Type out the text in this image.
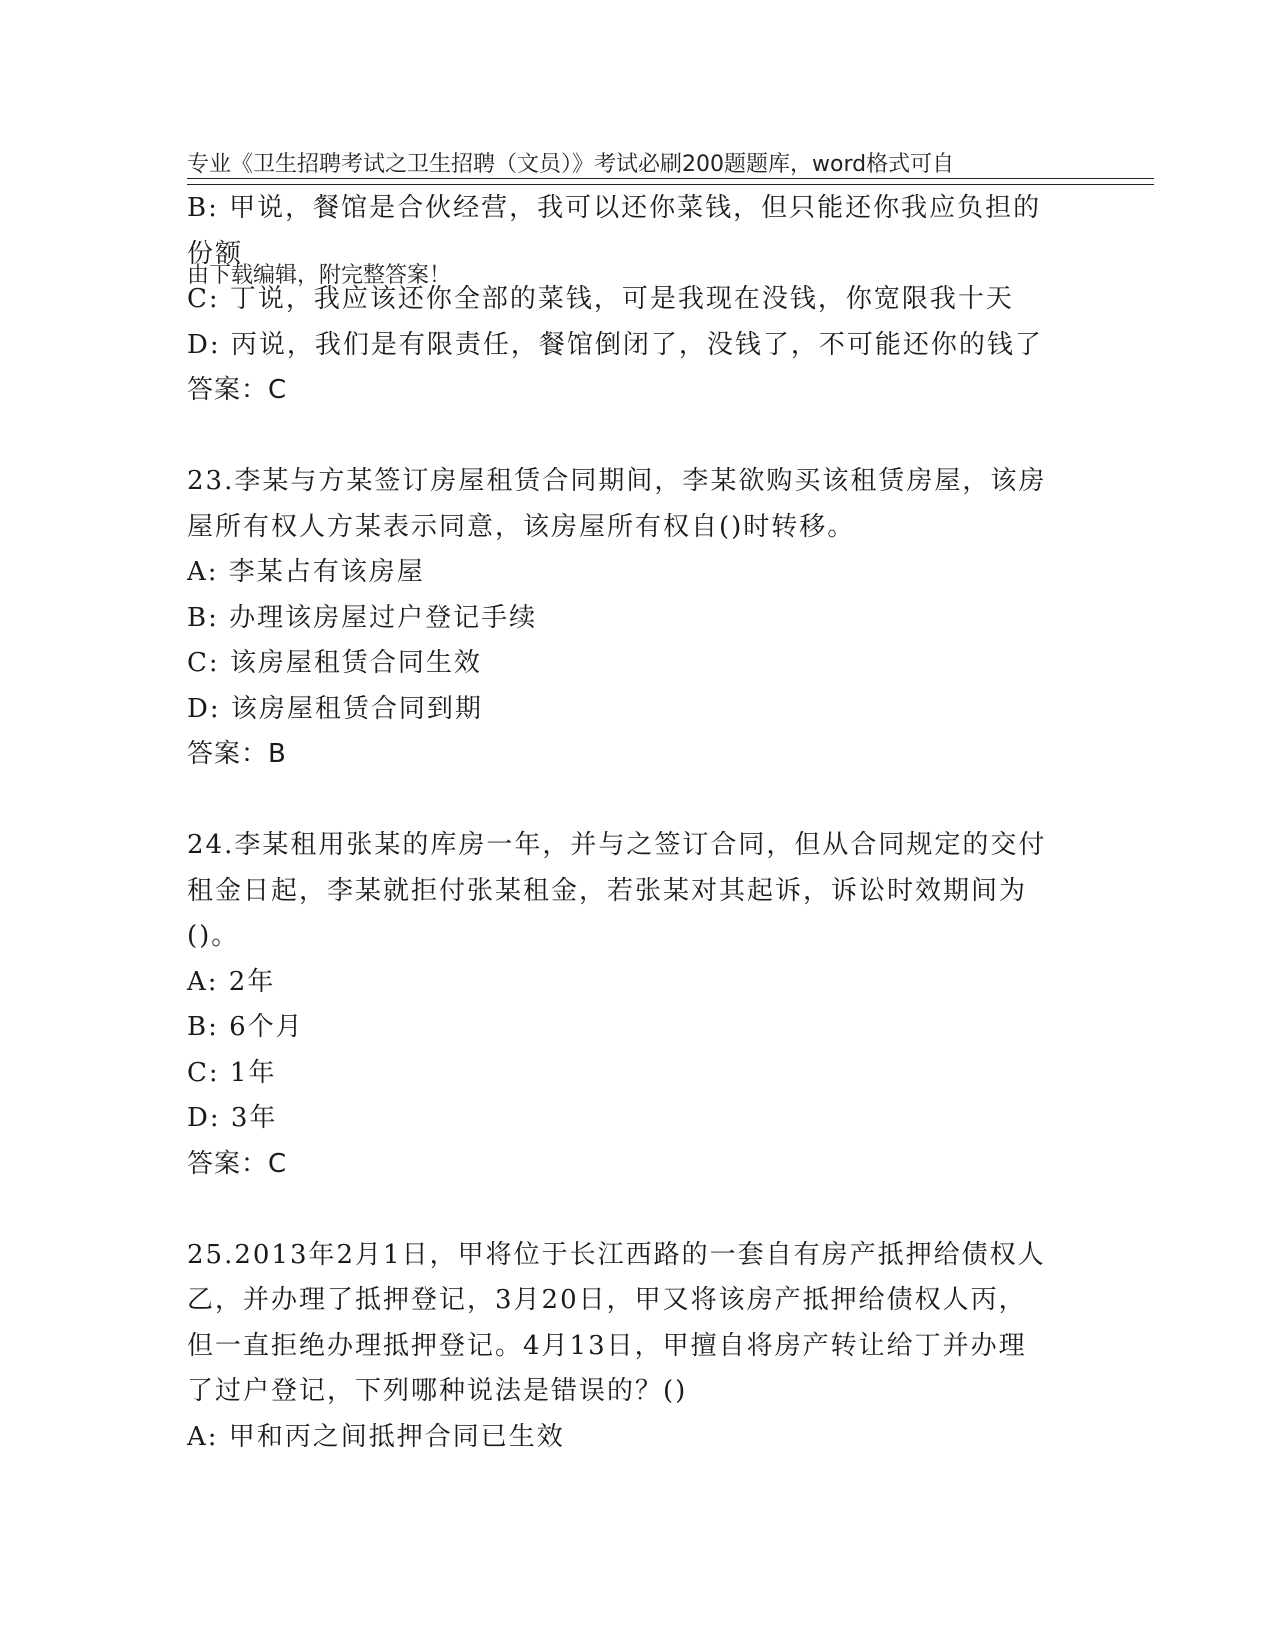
专业《卫生招聘考试之卫生招聘（文员）》考试必刷200题题库，word格式可自

由下载编辑，附完整答案！

B: 甲说，餐馆是合伙经营，我可以还你菜钱，但只能还你我应负担的
份额
C: 丁说，我应该还你全部的菜钱，可是我现在没钱，你宽限我十天
D: 丙说，我们是有限责任，餐馆倒闭了，没钱了，不可能还你的钱了
答案：C
23.李某与方某签订房屋租赁合同期间，李某欲购买该租赁房屋，该房
屋所有权人方某表示同意，该房屋所有权自()时转移。
A: 李某占有该房屋
B: 办理该房屋过户登记手续
C: 该房屋租赁合同生效
D: 该房屋租赁合同到期
答案：B
24.李某租用张某的库房一年，并与之签订合同，但从合同规定的交付
租金日起，李某就拒付张某租金，若张某对其起诉，诉讼时效期间为
()。
A: 2年
B: 6个月
C: 1年
D: 3年
答案：C
25.2013年2月1日，甲将位于长江西路的一套自有房产抵押给债权人
乙，并办理了抵押登记，3月20日，甲又将该房产抵押给债权人丙，
但一直拒绝办理抵押登记。4月13日，甲擅自将房产转让给丁并办理
了过户登记，下列哪种说法是错误的？()
A: 甲和丙之间抵押合同已生效
